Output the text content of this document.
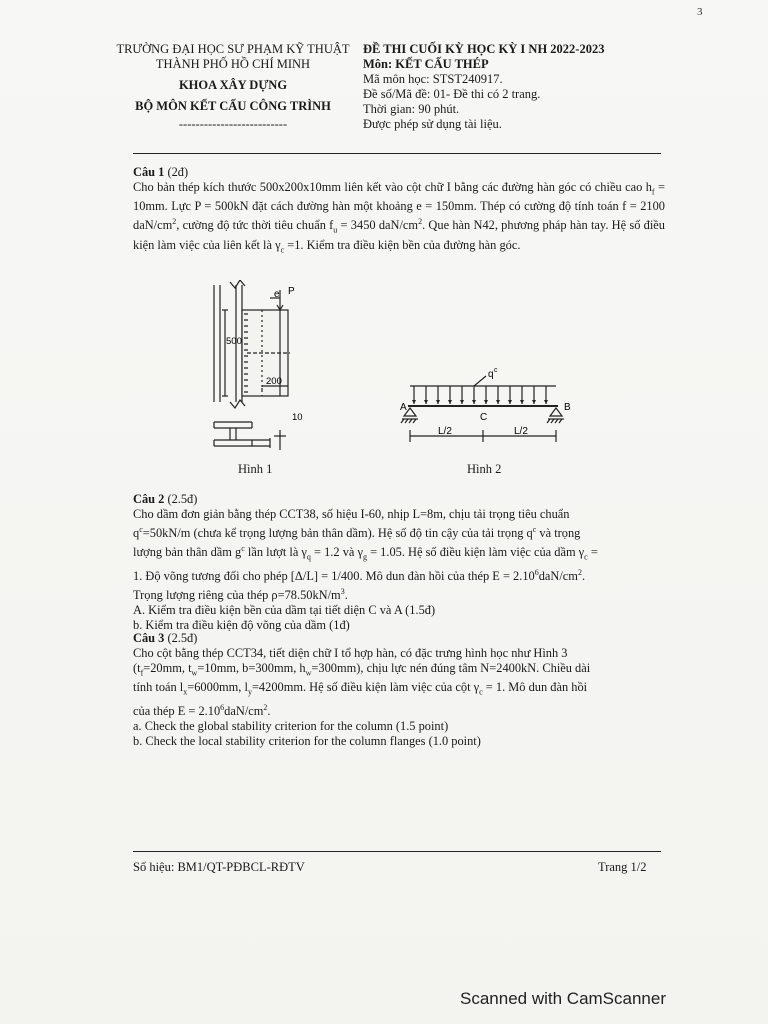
3
TRƯỜNG ĐẠI HỌC SƯ PHẠM KỸ THUẬT
THÀNH PHỐ HỒ CHÍ MINH
KHOA XÂY DỰNG
BỘ MÔN KẾT CẤU CÔNG TRÌNH
--------------------------
ĐỀ THI CUỐI KỲ HỌC KỲ I NH 2022-2023
Môn: KẾT CẤU THÉP
Mã môn học: STST240917.
Đề số/Mã đề: 01- Đề thi có 2 trang.
Thời gian: 90 phút.
Được phép sử dụng tài liệu.
Câu 1 (2đ)

Cho bản thép kích thước 500x200x10mm liên kết vào cột chữ I bằng các đường hàn góc có chiều cao $h_f = 10mm$. Lực P = 500kN đặt cách đường hàn một khoảng e = 150mm. Thép có cường độ tính toán f = 2100 daN/$cm^2$, cường độ tức thời tiêu chuẩn $f_u = 3450$ daN/$cm^2$. Que hàn N42, phương pháp hàn tay. Hệ số điều kiện làm việc của liên kết là $\gamma_c =1$. Kiểm tra điều kiện bền của đường hàn góc.

e P
500
200
10
Hình 1
q c
A	B
C
L/2	L/2
Hình 2
Câu 2 (2.5đ)

Cho dầm đơn giản bằng thép CCT38, số hiệu I-60, nhịp L=8m, chịu tải trọng tiêu chuẩn

$q^c=50kN/m$ (chưa kể trọng lượng bản thân dầm). Hệ số độ tin cậy của tải trọng $q^c$ và trọng

lượng bản thân dầm $g^c$ lần lượt là $\gamma_q = 1.2$ và $\gamma_g = 1.05$. Hệ số điều kiện làm việc của dầm $\gamma_c$ =

1. Độ võng tương đối cho phép [Δ/L] = 1/400. Mô dun đàn hồi của thép $E = 2.10^6daN/cm^2$.

Trọng lượng riêng của thép $\rho=78.50kN/m^3$.

A. Kiểm tra điều kiện bền của dầm tại tiết diện C và A (1.5đ)

b. Kiểm tra điều kiện độ võng của dầm (1đ)

Câu 3 (2.5đ)

Cho cột bằng thép CCT34, tiết diện chữ I tổ hợp hàn, có đặc trưng hình học như Hình 3

($t_f=20mm$, $t_w=10mm$, b=300mm, $h_w=300mm$), chịu lực nén đúng tâm N=2400kN. Chiều dài

tính toán $l_x=6000mm$, $l_y=4200mm$. Hệ số điều kiện làm việc của cột $\gamma_c = 1$. Mô dun đàn hồi

của thép $E = 2.10^6daN/cm^2$.

a. Check the global stability criterion for the column (1.5 point)

b. Check the local stability criterion for the column flanges (1.0 point)

Số hiệu: BM1/QT-PĐBCL-RĐTV	Trang 1/2
Scanned with CamScanner
